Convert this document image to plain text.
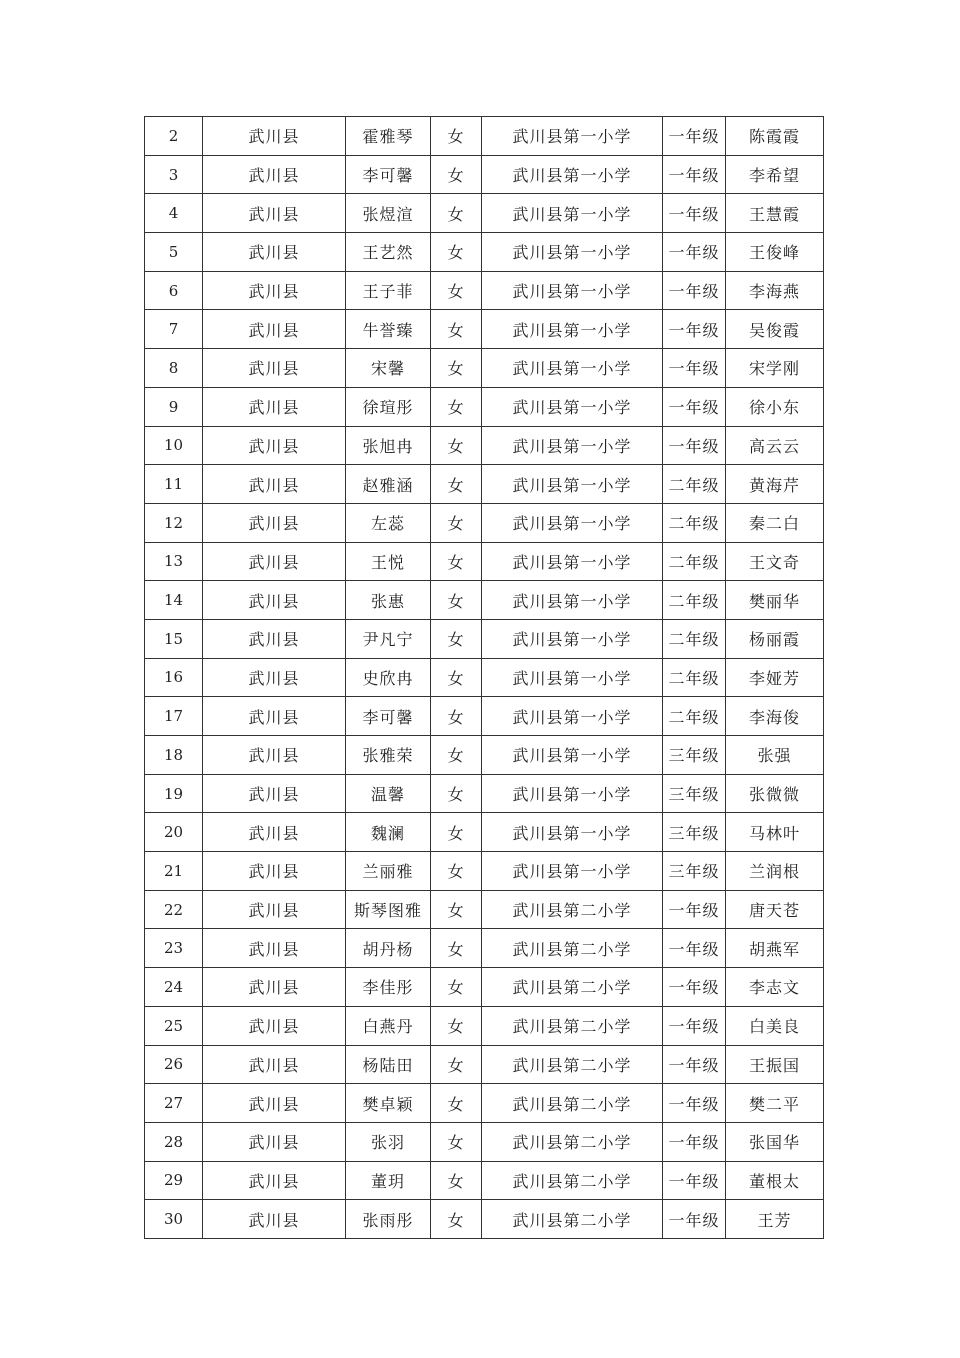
2	武川县	霍雅琴	女	武川县第一小学	一年级	陈霞霞
3	武川县	李可馨	女	武川县第一小学	一年级	李希望
4	武川县	张煜渲	女	武川县第一小学	一年级	王慧霞
5	武川县	王艺然	女	武川县第一小学	一年级	王俊峰
6	武川县	王子菲	女	武川县第一小学	一年级	李海燕
7	武川县	牛誉臻	女	武川县第一小学	一年级	吴俊霞
8	武川县	宋馨	女	武川县第一小学	一年级	宋学刚
9	武川县	徐瑄彤	女	武川县第一小学	一年级	徐小东
10	武川县	张旭冉	女	武川县第一小学	一年级	高云云
11	武川县	赵雅涵	女	武川县第一小学	二年级	黄海芹
12	武川县	左蕊	女	武川县第一小学	二年级	秦二白
13	武川县	王悦	女	武川县第一小学	二年级	王文奇
14	武川县	张惠	女	武川县第一小学	二年级	樊丽华
15	武川县	尹凡宁	女	武川县第一小学	二年级	杨丽霞
16	武川县	史欣冉	女	武川县第一小学	二年级	李娅芳
17	武川县	李可馨	女	武川县第一小学	二年级	李海俊
18	武川县	张雅荣	女	武川县第一小学	三年级	张强
19	武川县	温馨	女	武川县第一小学	三年级	张微微
20	武川县	魏澜	女	武川县第一小学	三年级	马林叶
21	武川县	兰丽雅	女	武川县第一小学	三年级	兰润根
22	武川县	斯琴图雅	女	武川县第二小学	一年级	唐天苍
23	武川县	胡丹杨	女	武川县第二小学	一年级	胡燕军
24	武川县	李佳彤	女	武川县第二小学	一年级	李志文
25	武川县	白燕丹	女	武川县第二小学	一年级	白美良
26	武川县	杨陆田	女	武川县第二小学	一年级	王振国
27	武川县	樊卓颖	女	武川县第二小学	一年级	樊二平
28	武川县	张羽	女	武川县第二小学	一年级	张国华
29	武川县	董玥	女	武川县第二小学	一年级	董根太
30	武川县	张雨彤	女	武川县第二小学	一年级	王芳
